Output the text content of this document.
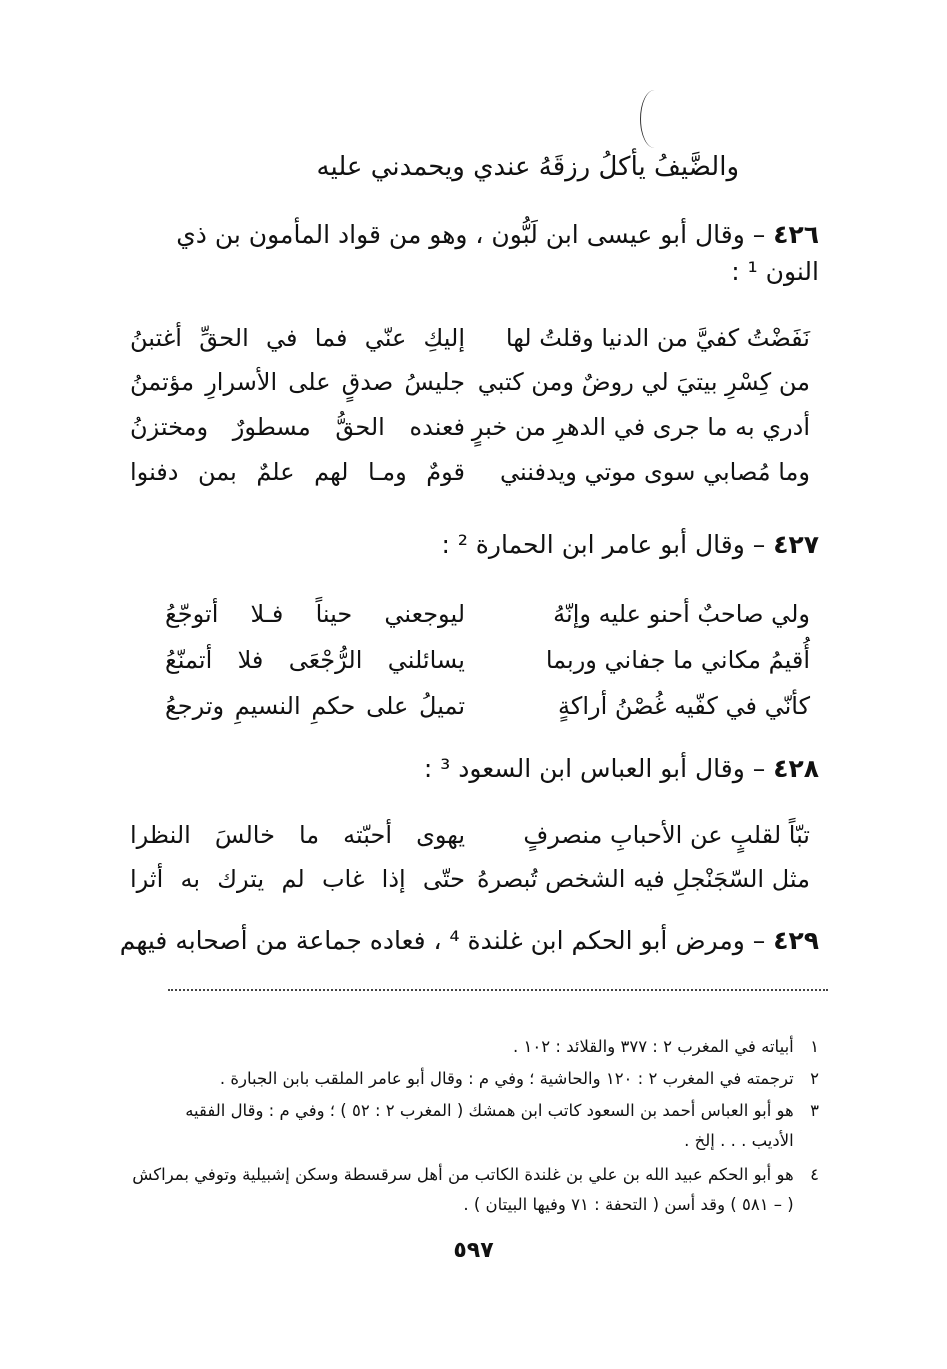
والضَّيفُ يأكلُ رزقَهُ عندي ويحمدني عليه
٤٢٦ – وقال أبو عيسى ابن لَبُّون ، وهو من قواد المأمون بن ذي
النون ¹ :
نَفَضْتُ كفيَّ من الدنيا وقلتُ لها
إليكِ عنّي فما في الحقِّ أغتبنُ
من كِسْرِ بيتيَ لي روضٌ ومن كتبي
جليسُ صدقٍ على الأسرارِ مؤتمنُ
أدري به ما جرى في الدهرِ من خبرٍ
فعنده الحقُّ مسطورٌ ومختزنُ
وما مُصابي سوى موتي ويدفنني
قومٌ ومـا لهم علمٌ بمن دفنوا
٤٢٧ – وقال أبو عامر ابن الحمارة ² :
ولي صاحبٌ أحنو عليه وإنّهُ
ليوجعني حيناً فـلا أتوجّعُ
أُقيمُ مكاني ما جفاني وربما
يسائلني الرُّجْعَى فلا أتمنّعُ
كأنّي في كفّيه غُصْنُ أراكةٍ
تميلُ على حكمِ النسيمِ وترجعُ
٤٢٨ – وقال أبو العباس ابن السعود ³ :
تبّاً لقلبٍ عن الأحبابِ منصرفٍ
يهوى أحبّته ما خالسَ النظرا
مثل السّجَنْجلِ فيه الشخص تُبصرهُ
حتّى إذا غاب لم يترك به أثرا
٤٢٩ – ومرض أبو الحكم ابن غلندة ⁴ ، فعاده جماعة من أصحابه فيهم
١ أبياته في المغرب ٢ : ٣٧٧ والقلائد : ١٠٢ .
٢ ترجمته في المغرب ٢ : ١٢٠ والحاشية ؛ وفي م : وقال أبو عامر الملقب بابن الجبارة .
٣ هو أبو العباس أحمد بن السعود كاتب ابن همشك ( المغرب ٢ : ٥٢ ) ؛ وفي م : وقال الفقيه
الأديب . . . إلخ .
٤ هو أبو الحكم عبيد الله بن علي بن غلندة الكاتب من أهل سرقسطة وسكن إشبيلية وتوفي بمراكش
( – ٥٨١ ) وقد أسن ( التحفة : ٧١ وفيها البيتان ) .
٥٩٧
